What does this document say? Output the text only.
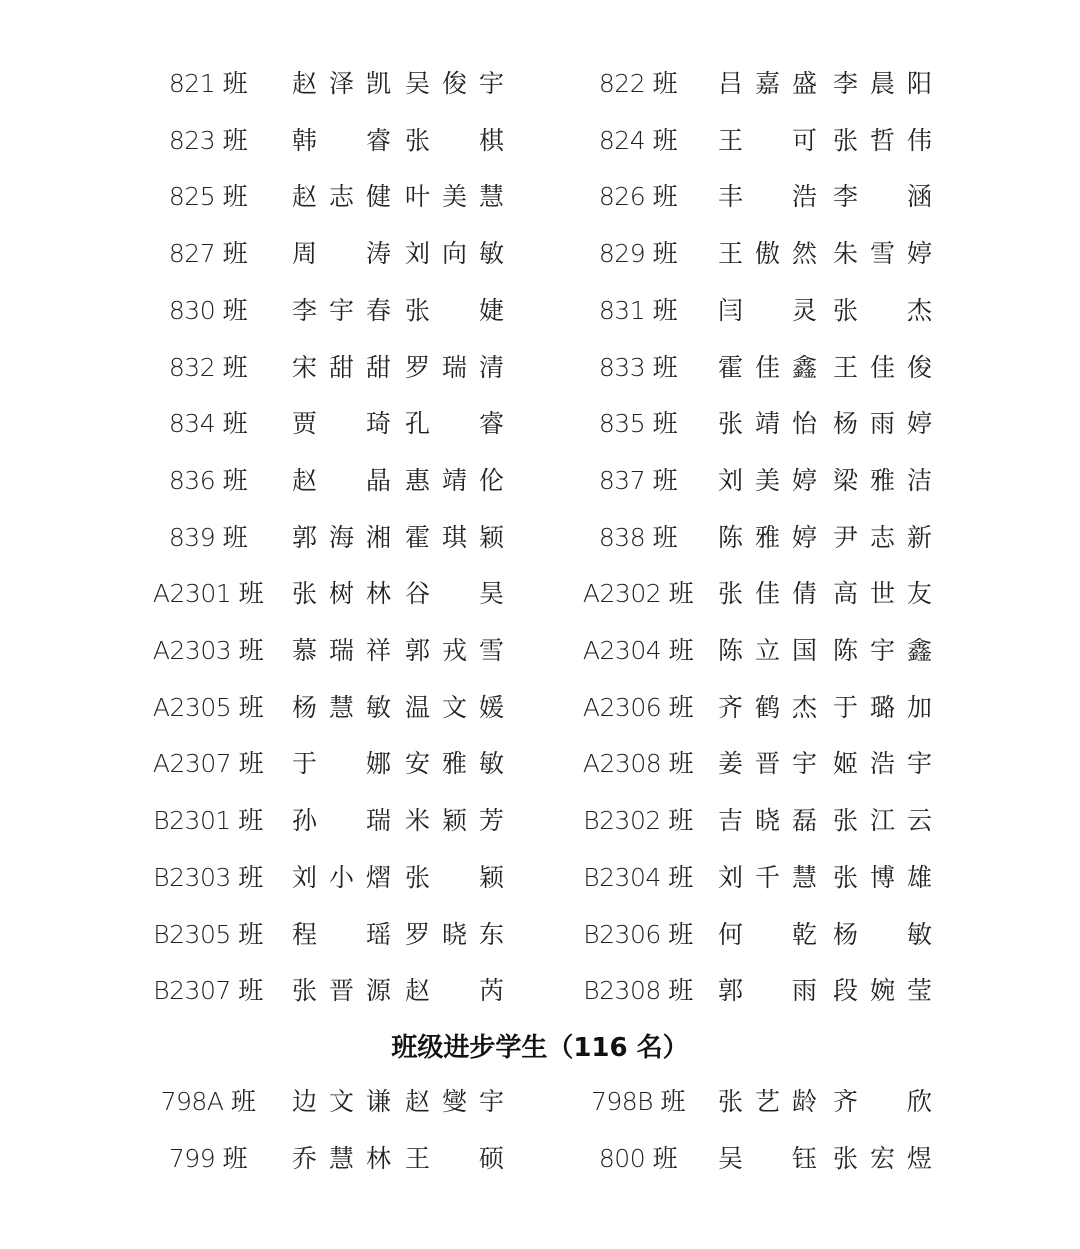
821 班	赵泽凯 吴俊宇	822 班	吕嘉盛 李晨阳
823 班	韩 睿 张 棋	824 班	王 可 张哲伟
825 班	赵志健 叶美慧	826 班	丰 浩 李 涵
827 班	周 涛 刘向敏	829 班	王傲然 朱雪婷
830 班	李宇春 张 婕	831 班	闫 灵 张 杰
832 班	宋甜甜 罗瑞清	833 班	霍佳鑫 王佳俊
834 班	贾 琦 孔 睿	835 班	张靖怡 杨雨婷
836 班	赵 晶 惠靖伦	837 班	刘美婷 梁雅洁
839 班	郭海湘 霍琪颖	838 班	陈雅婷 尹志新
A2301 班	张树林 谷 昊	A2302 班 张佳倩 高世友
A2303 班	慕瑞祥 郭戎雪	A2304 班 陈立国 陈宇鑫
A2305 班	杨慧敏 温文媛	A2306 班 齐鹤杰 于璐加
A2307 班	于 娜 安雅敏	A2308 班 姜晋宇 姬浩宇
B2301 班	孙 瑞 米颖芳	B2302 班	吉晓磊 张江云
B2303 班	刘小熠 张 颖	B2304 班	刘千慧 张博雄
B2305 班	程 瑶 罗晓东	B2306 班	何 乾 杨 敏
B2307 班	张晋源 赵 芮	B2308 班	郭 雨 段婉莹
班级进步学生（116 名）
798A 班	边文谦 赵燮宇	798B 班	张艺龄 齐 欣
799 班	乔慧林 王 硕	800 班	吴 钰 张宏煜
